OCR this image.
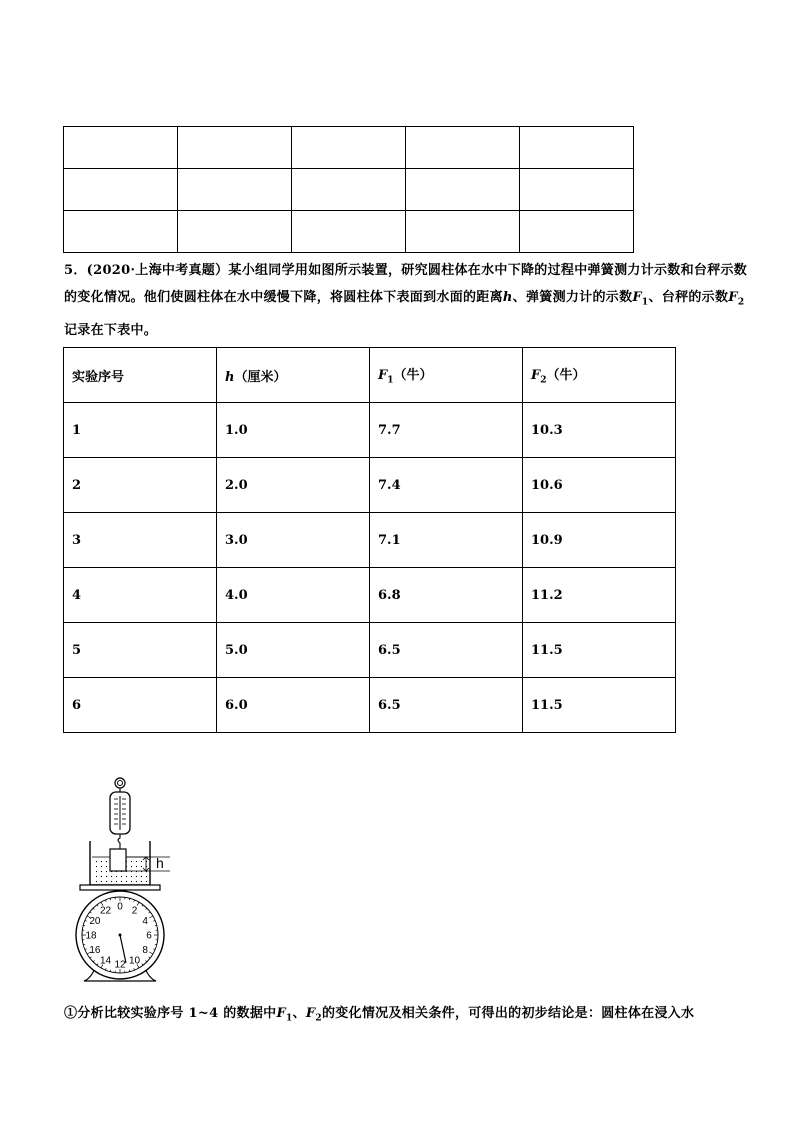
5．(2020·上海中考真题）某小组同学用如图所示装置，研究圆柱体在水中下降的过程中弹簧测力计示数和台秤示数的变化情况。他们使圆柱体在水中缓慢下降，将圆柱体下表面到水面的距离h、弹簧测力计的示数$F_1$、台秤的示数$F_2$记录在下表中。
实验序号	h（厘米）	$F_1$（牛）	$F_2$（牛）
1	1.0	7.7	10.3
2	2.0	7.4	10.6
3	3.0	7.1	10.9
4	4.0	6.8	11.2
5	5.0	6.5	11.5
6	6.0	6.5	11.5
h
0 2
4
6
8
10
12
14
16
18
20
22
①分析比较实验序号 1~4 的数据中$F_1$、$F_2$的变化情况及相关条件，可得出的初步结论是：圆柱体在浸入水
